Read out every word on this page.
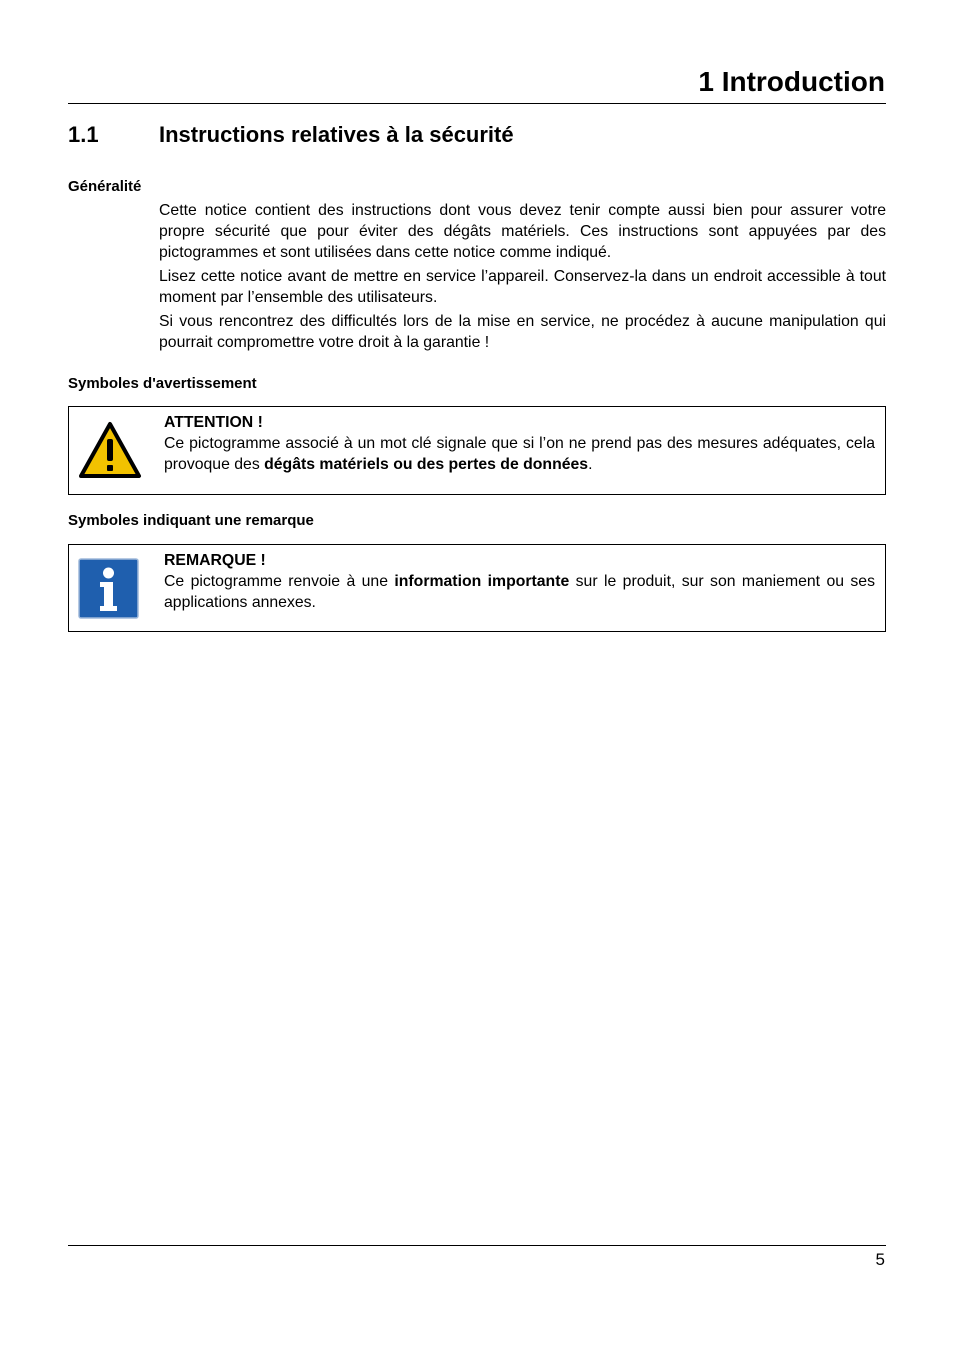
1 Introduction
1.1	Instructions relatives à la sécurité
Généralité

Cette notice contient des instructions dont vous devez tenir compte aussi bien pour assurer votre propre sécurité que pour éviter des dégâts matériels. Ces instructions sont appuyées par des pictogrammes et sont utilisées dans cette notice comme indiqué.

Lisez cette notice avant de mettre en service l’appareil. Conservez-la dans un endroit accessible à tout moment par l’ensemble des utilisateurs.

Si vous rencontrez des difficultés lors de la mise en service, ne procédez à aucune manipulation qui pourrait compromettre votre droit à la garantie !

Symboles d'avertissement
ATTENTION !
Ce pictogramme associé à un mot clé signale que si l’on ne prend pas des mesures adéquates, cela provoque des dégâts matériels ou des pertes de données.
Symboles indiquant une remarque
REMARQUE !
Ce pictogramme renvoie à une information importante sur le produit, sur son maniement ou ses applications annexes.
5
